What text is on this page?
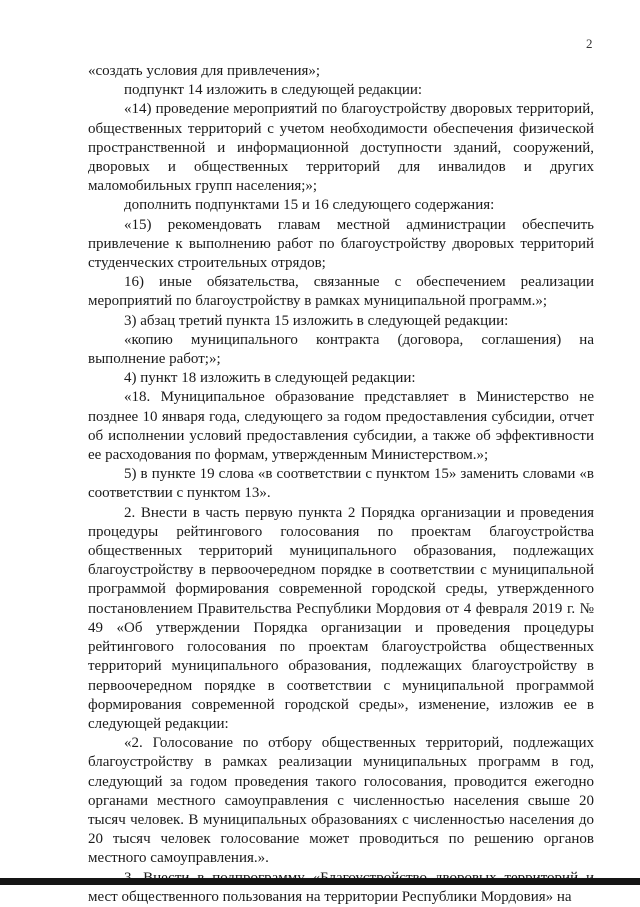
2

«создать условия для привлечения»;

подпункт 14 изложить в следующей редакции:

«14) проведение мероприятий по благоустройству дворовых территорий, общественных территорий с учетом необходимости обеспечения физической пространственной и информационной доступности зданий, сооружений, дворовых и общественных территорий для инвалидов и других маломобильных групп населения;»;

дополнить подпунктами 15 и 16 следующего содержания:

«15) рекомендовать главам местной администрации обеспечить привлечение к выполнению работ по благоустройству дворовых территорий студенческих строительных отрядов;

16) иные обязательства, связанные с обеспечением реализации мероприятий по благоустройству в рамках муниципальной программ.»;

3) абзац третий пункта 15 изложить в следующей редакции:

«копию муниципального контракта (договора, соглашения) на выполнение работ;»;

4) пункт 18 изложить в следующей редакции:

«18. Муниципальное образование представляет в Министерство не позднее 10 января года, следующего за годом предоставления субсидии, отчет об исполнении условий предоставления субсидии, а также об эффективности ее расходования по формам, утвержденным Министерством.»;

5) в пункте 19 слова «в соответствии с пунктом 15» заменить словами «в соответствии с пунктом 13».

2. Внести в часть первую пункта 2 Порядка организации и проведения процедуры рейтингового голосования по проектам благоустройства общественных территорий муниципального образования, подлежащих благоустройству в первоочередном порядке в соответствии с муниципальной программой формирования современной городской среды, утвержденного постановлением Правительства Республики Мордовия от 4 февраля 2019 г. № 49 «Об утверждении Порядка организации и проведения процедуры рейтингового голосования по проектам благоустройства общественных территорий муниципального образования, подлежащих благоустройству в первоочередном порядке в соответствии с муниципальной программой формирования современной городской среды», изменение, изложив ее в следующей редакции:

«2. Голосование по отбору общественных территорий, подлежащих благоустройству в рамках реализации муниципальных программ в год, следующий за годом проведения такого голосования, проводится ежегодно органами местного самоуправления с численностью населения свыше 20 тысяч человек. В муниципальных образованиях с численностью населения до 20 тысяч человек голосование может проводиться по решению органов местного самоуправления.».

мест общественного пользования на территории Республики Мордовия» на
